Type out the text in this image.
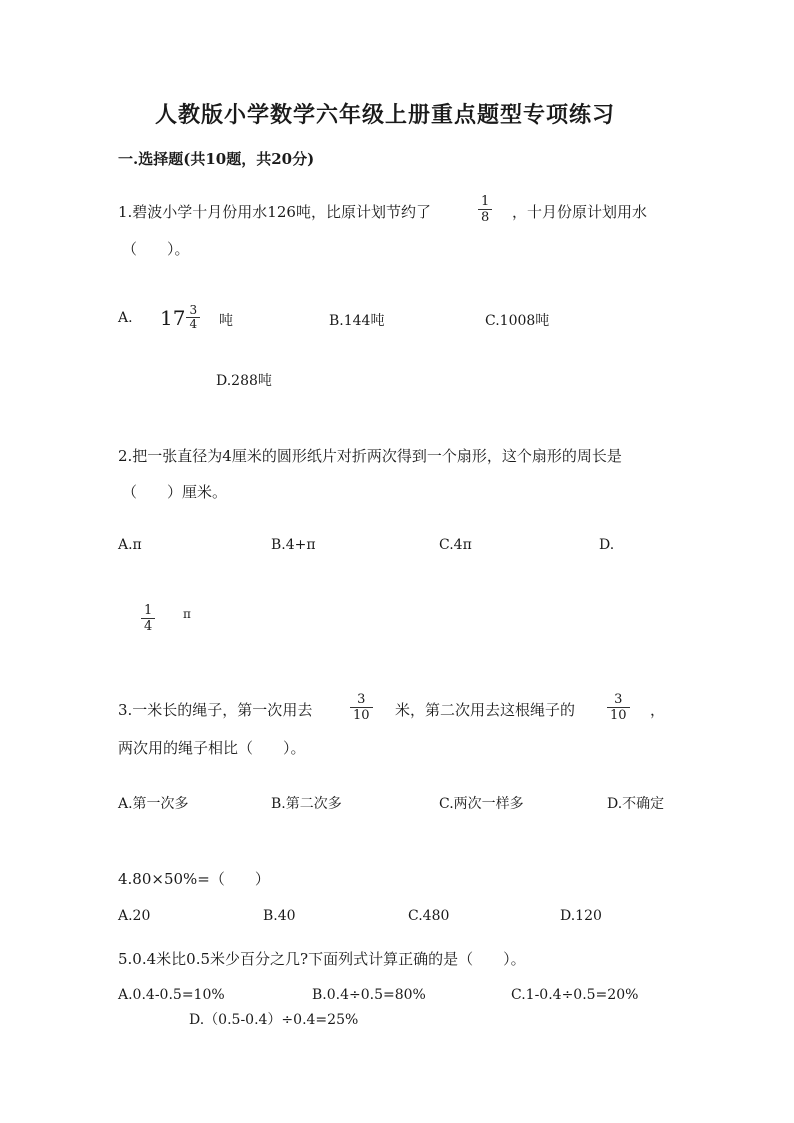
人教版小学数学六年级上册重点题型专项练习
一.选择题(共10题，共20分)
1.碧波小学十月份用水126吨，比原计划节约了	$\frac{1}{8}$ ，十月份原计划用水
（　　）。
A. $17 \frac{3}{4}$ 吨	B.144吨	C.1008吨
D.288吨
2.把一张直径为4厘米的圆形纸片对折两次得到一个扇形，这个扇形的周长是
（　　）厘米。
A.π	B.4+π	C.4π	D.
$\frac{1}{4}$ π
3.一米长的绳子，第一次用去	$\frac{3}{10}$ 米，第二次用去这根绳子的 $\frac{3}{10}$ ，
两次用的绳子相比（　　）。
A.第一次多	B.第二次多	C.两次一样多	D.不确定
4.80×50%=（　　）
A.20	B.40	C.480	D.120
5.0.4米比0.5米少百分之几?下面列式计算正确的是（　　）。
A.0.4-0.5=10%	B.0.4÷0.5=80%	C.1-0.4÷0.5=20%
D.（0.5-0.4）÷0.4=25%
